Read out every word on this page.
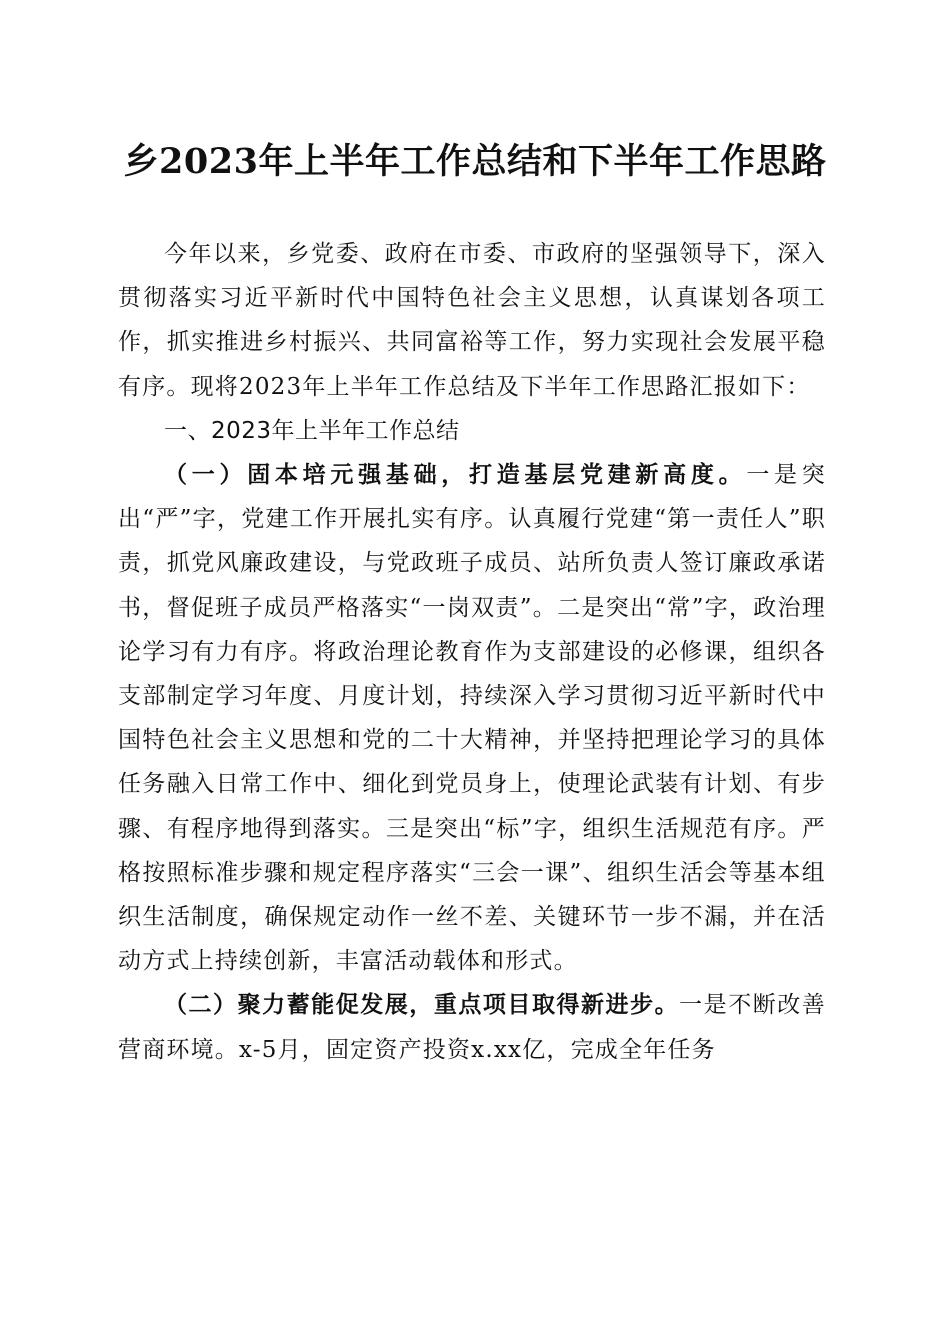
乡2023年上半年工作总结和下半年工作思路

今年以来，乡党委、政府在市委、市政府的坚强领导下，深入贯彻落实习近平新时代中国特色社会主义思想，认真谋划各项工作，抓实推进乡村振兴、共同富裕等工作，努力实现社会发展平稳有序。现将2023年上半年工作总结及下半年工作思路汇报如下：

一、2023年上半年工作总结

（一）固本培元强基础，打造基层党建新高度。一是突出“严”字，党建工作开展扎实有序。认真履行党建“第一责任人”职责，抓党风廉政建设，与党政班子成员、站所负责人签订廉政承诺书，督促班子成员严格落实“一岗双责”。二是突出“常”字，政治理论学习有力有序。将政治理论教育作为支部建设的必修课，组织各支部制定学习年度、月度计划，持续深入学习贯彻习近平新时代中国特色社会主义思想和党的二十大精神，并坚持把理论学习的具体任务融入日常工作中、细化到党员身上，使理论武装有计划、有步骤、有程序地得到落实。三是突出“标”字，组织生活规范有序。严格按照标准步骤和规定程序落实“三会一课”、组织生活会等基本组织生活制度，确保规定动作一丝不差、关键环节一步不漏，并在活动方式上持续创新，丰富活动载体和形式。

（二）聚力蓄能促发展，重点项目取得新进步。一是不断改善营商环境。x-5月，固定资产投资x.xx亿，完成全年任务
